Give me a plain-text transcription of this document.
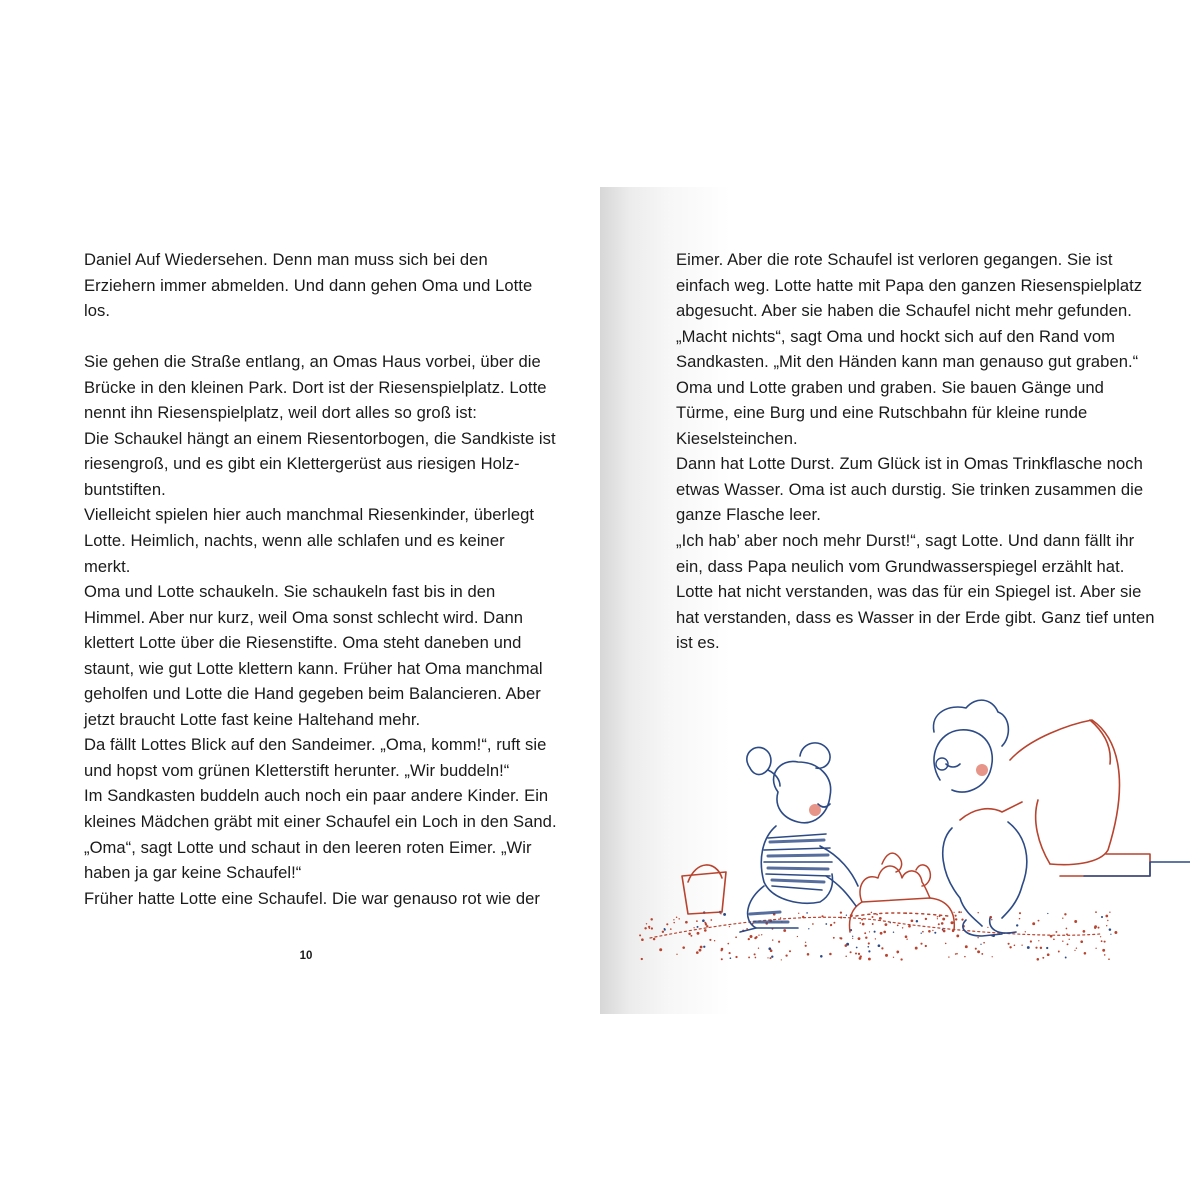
Daniel Auf Wiedersehen. Denn man muss sich bei den
Erziehern immer abmelden. Und dann gehen Oma und Lotte
los.
Sie gehen die Straße entlang, an Omas Haus vorbei, über die
Brücke in den kleinen Park. Dort ist der Riesenspielplatz. Lotte
nennt ihn Riesenspielplatz, weil dort alles so groß ist:
Die Schaukel hängt an einem Riesentorbogen, die Sandkiste ist
riesengroß, und es gibt ein Klettergerüst aus riesigen Holz-
buntstiften.
Vielleicht spielen hier auch manchmal Riesenkinder, überlegt
Lotte. Heimlich, nachts, wenn alle schlafen und es keiner
merkt.
Oma und Lotte schaukeln. Sie schaukeln fast bis in den
Himmel. Aber nur kurz, weil Oma sonst schlecht wird. Dann
klettert Lotte über die Riesenstifte. Oma steht daneben und
staunt, wie gut Lotte klettern kann. Früher hat Oma manchmal
geholfen und Lotte die Hand gegeben beim Balancieren. Aber
jetzt braucht Lotte fast keine Haltehand mehr.
Da fällt Lottes Blick auf den Sandeimer. „Oma, komm!“, ruft sie
und hopst vom grünen Kletterstift herunter. „Wir buddeln!“
Im Sandkasten buddeln auch noch ein paar andere Kinder. Ein
kleines Mädchen gräbt mit einer Schaufel ein Loch in den Sand.
„Oma“, sagt Lotte und schaut in den leeren roten Eimer. „Wir
haben ja gar keine Schaufel!“
Früher hatte Lotte eine Schaufel. Die war genauso rot wie der
10
Eimer. Aber die rote Schaufel ist verloren gegangen. Sie ist
einfach weg. Lotte hatte mit Papa den ganzen Riesenspielplatz
abgesucht. Aber sie haben die Schaufel nicht mehr gefunden.
„Macht nichts“, sagt Oma und hockt sich auf den Rand vom
Sandkasten. „Mit den Händen kann man genauso gut graben.“
Oma und Lotte graben und graben. Sie bauen Gänge und
Türme, eine Burg und eine Rutschbahn für kleine runde
Kieselsteinchen.
Dann hat Lotte Durst. Zum Glück ist in Omas Trinkflasche noch
etwas Wasser. Oma ist auch durstig. Sie trinken zusammen die
ganze Flasche leer.
„Ich hab’ aber noch mehr Durst!“, sagt Lotte. Und dann fällt ihr
ein, dass Papa neulich vom Grundwasserspiegel erzählt hat.
Lotte hat nicht verstanden, was das für ein Spiegel ist. Aber sie
hat verstanden, dass es Wasser in der Erde gibt. Ganz tief unten
ist es.
